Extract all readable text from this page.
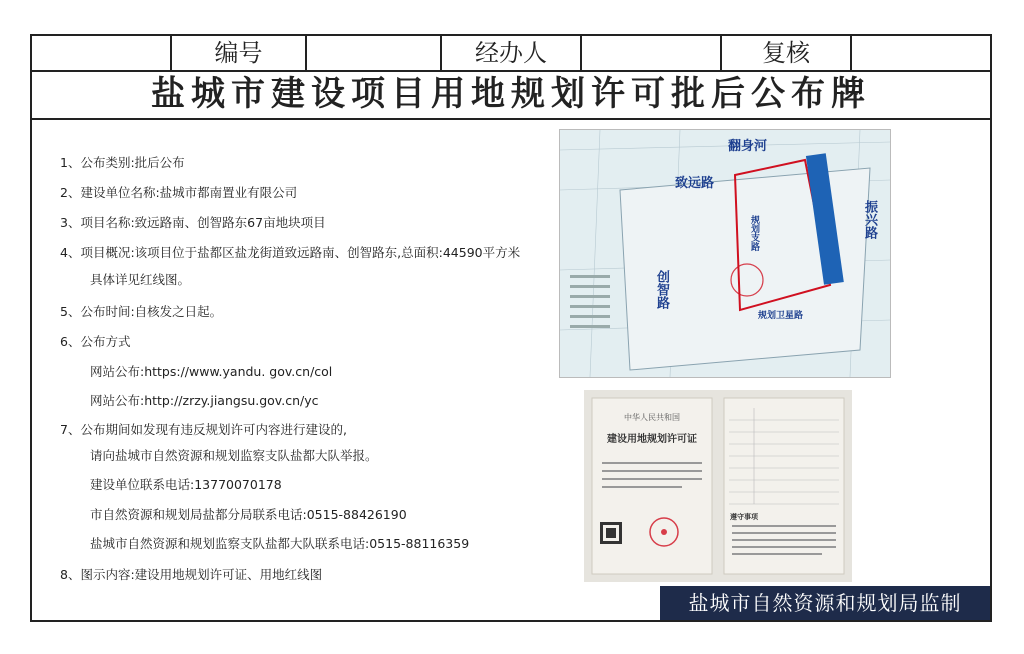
编号	经办人	复核
盐城市建设项目用地规划许可批后公布牌
1、公布类别:批后公布
2、建设单位名称:盐城市都南置业有限公司
3、项目名称:致远路南、创智路东67亩地块项目
4、项目概况:该项目位于盐都区盐龙街道致远路南、创智路东,总面积:44590平方米
具体详见红线图。
5、公布时间:自核发之日起。
6、公布方式
网站公布:https://www.yandu. gov.cn/col
网站公布:http://zrzy.jiangsu.gov.cn/yc
7、公布期间如发现有违反规划许可内容进行建设的,
请向盐城市自然资源和规划监察支队盐都大队举报。
建设单位联系电话:13770070178
市自然资源和规划局盐都分局联系电话:0515-88426190
盐城市自然资源和规划监察支队盐都大队联系电话:0515-88116359
8、图示内容:建设用地规划许可证、用地红线图
翻身河
致远路
振兴路
创智路
规划支路
规划卫星路
中华人民共和国
建设用地规划许可证
遵守事项
盐城市自然资源和规划局监制
